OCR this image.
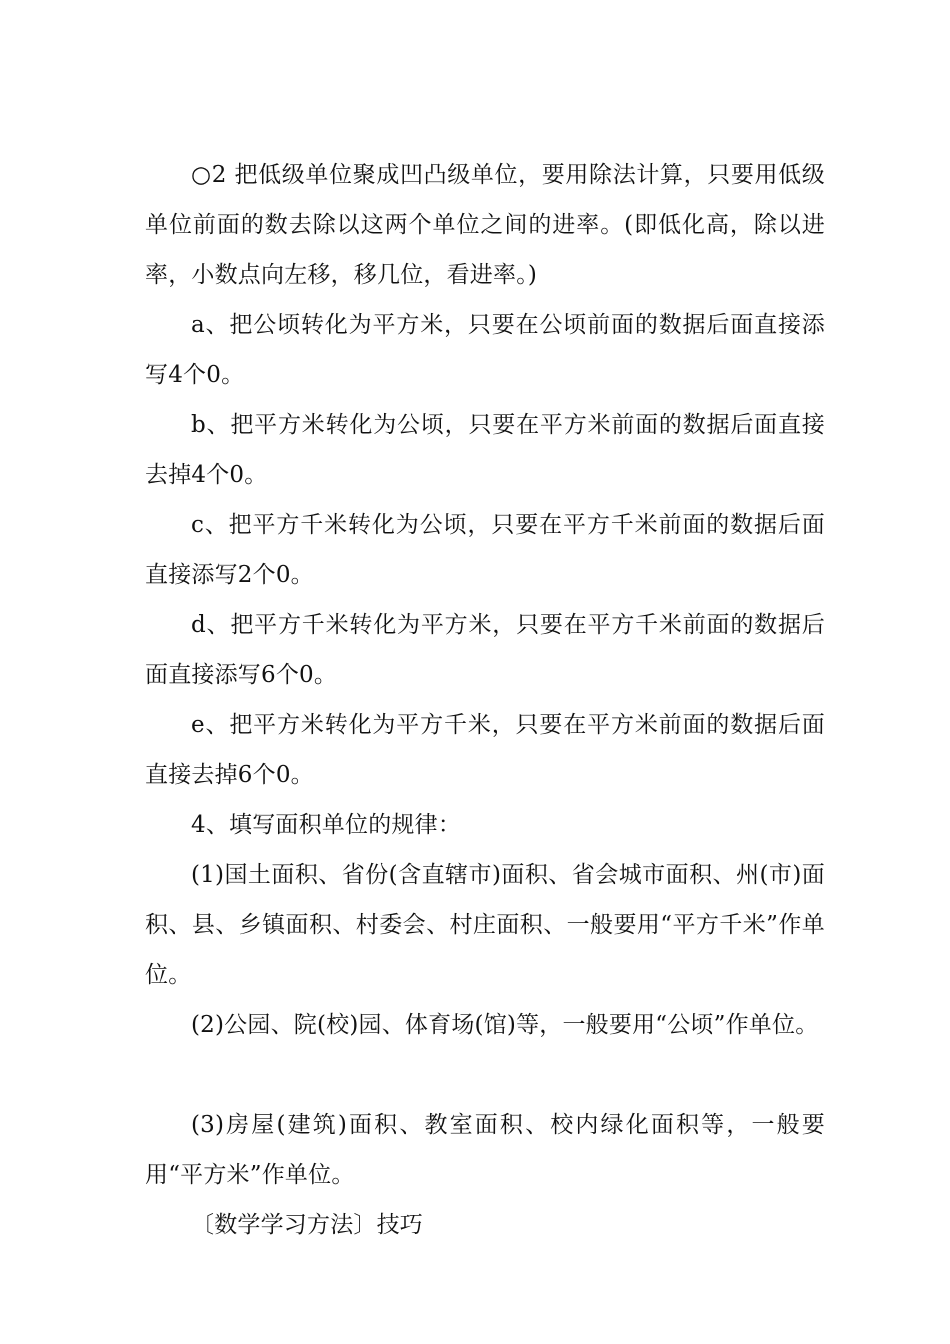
○2 把低级单位聚成凹凸级单位，要用除法计算，只要用低级单位前面的数去除以这两个单位之间的进率。(即低化高，除以进率，小数点向左移，移几位，看进率。)

a、把公顷转化为平方米，只要在公顷前面的数据后面直接添写4个0。

b、把平方米转化为公顷，只要在平方米前面的数据后面直接去掉4个0。

c、把平方千米转化为公顷，只要在平方千米前面的数据后面直接添写2个0。

d、把平方千米转化为平方米，只要在平方千米前面的数据后面直接添写6个0。

e、把平方米转化为平方千米，只要在平方米前面的数据后面直接去掉6个0。

4、填写面积单位的规律：

(1)国土面积、省份(含直辖市)面积、省会城市面积、州(市)面积、县、乡镇面积、村委会、村庄面积、一般要用“平方千米”作单位。

(2)公园、院(校)园、体育场(馆)等，一般要用“公顷”作单位。

(3)房屋(建筑)面积、教室面积、校内绿化面积等，一般要用“平方米”作单位。

〔数学学习方法〕技巧
